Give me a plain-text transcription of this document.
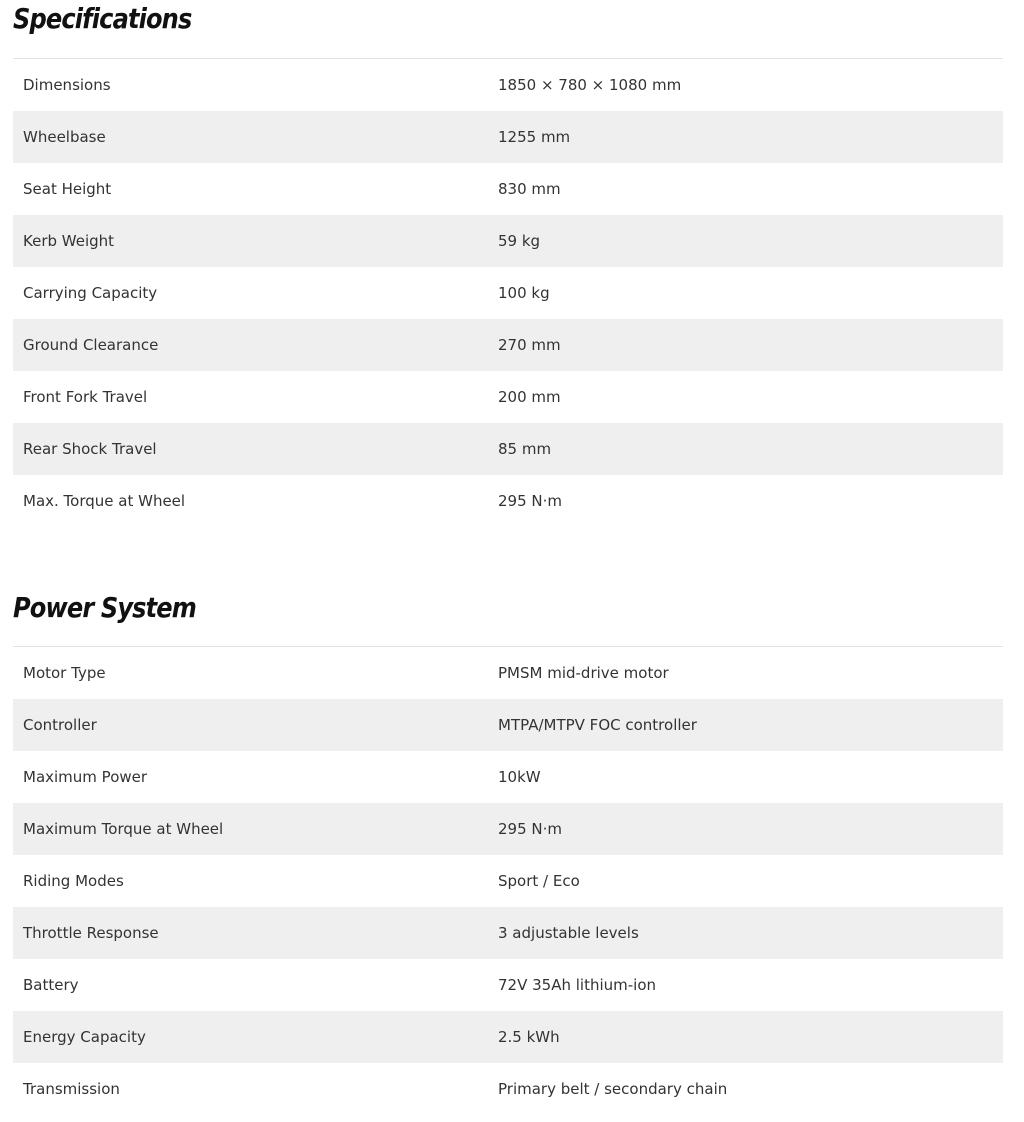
Specifications
Dimensions	1850 × 780 × 1080 mm
Wheelbase	1255 mm
Seat Height	830 mm
Kerb Weight	59 kg
Carrying Capacity	100 kg
Ground Clearance	270 mm
Front Fork Travel	200 mm
Rear Shock Travel	85 mm
Max. Torque at Wheel	295 N·m
Power System
Motor Type	PMSM mid-drive motor
Controller	MTPA/MTPV FOC controller
Maximum Power	10kW
Maximum Torque at Wheel	295 N·m
Riding Modes	Sport / Eco
Throttle Response	3 adjustable levels
Battery	72V 35Ah lithium-ion
Energy Capacity	2.5 kWh
Transmission	Primary belt / secondary chain
